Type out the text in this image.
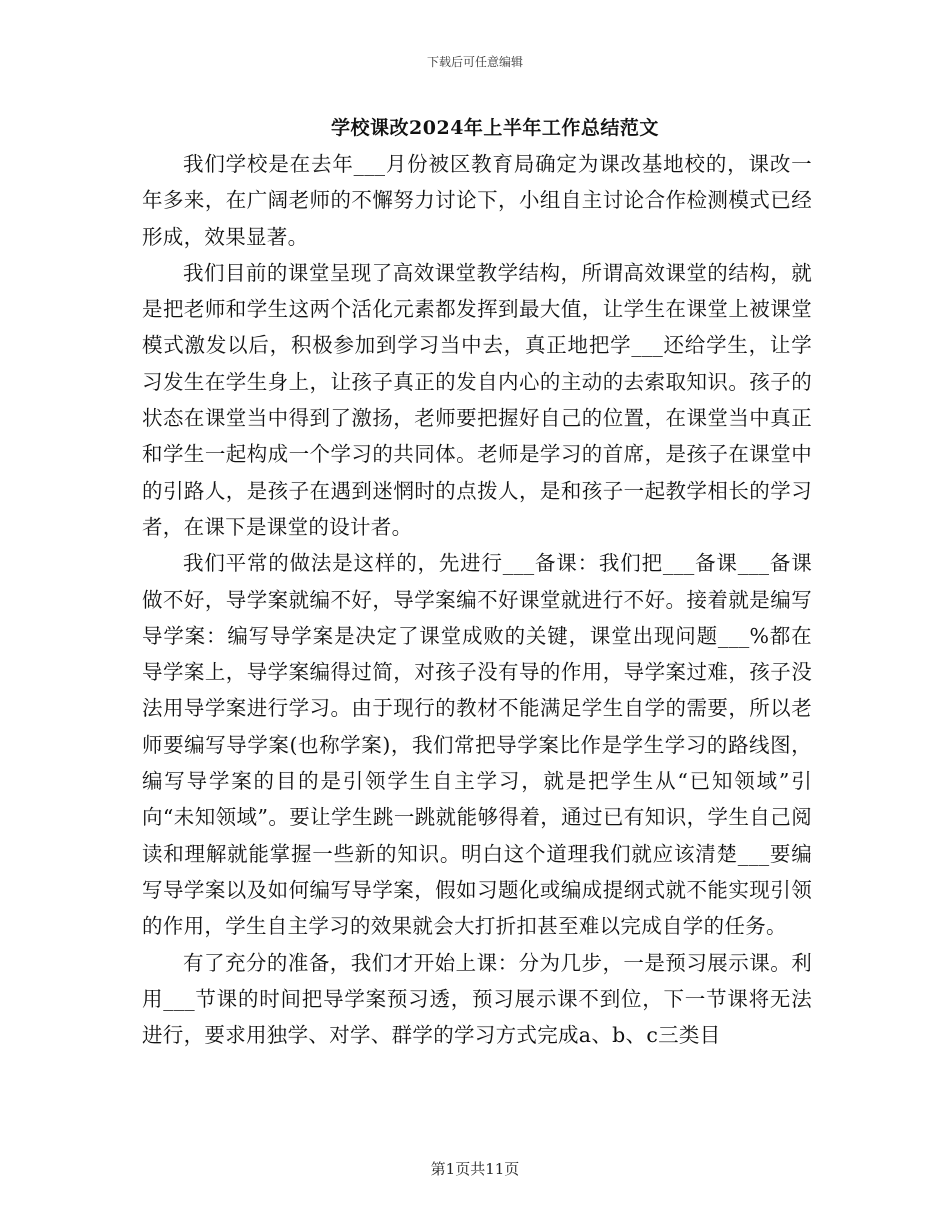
下载后可任意编辑
学校课改2024年上半年工作总结范文

我们学校是在去年___月份被区教育局确定为课改基地校的，课改一年多来，在广阔老师的不懈努力讨论下，小组自主讨论合作检测模式已经形成，效果显著。

我们目前的课堂呈现了高效课堂教学结构，所谓高效课堂的结构，就是把老师和学生这两个活化元素都发挥到最大值，让学生在课堂上被课堂模式激发以后，积极参加到学习当中去，真正地把学___还给学生，让学习发生在学生身上，让孩子真正的发自内心的主动的去索取知识。孩子的状态在课堂当中得到了激扬，老师要把握好自己的位置，在课堂当中真正和学生一起构成一个学习的共同体。老师是学习的首席，是孩子在课堂中的引路人，是孩子在遇到迷惘时的点拨人，是和孩子一起教学相长的学习者，在课下是课堂的设计者。

我们平常的做法是这样的，先进行___备课：我们把___备课___备课做不好，导学案就编不好，导学案编不好课堂就进行不好。接着就是编写导学案：编写导学案是决定了课堂成败的关键，课堂出现问题___%都在导学案上，导学案编得过简，对孩子没有导的作用，导学案过难，孩子没法用导学案进行学习。由于现行的教材不能满足学生自学的需要，所以老师要编写导学案(也称学案)，我们常把导学案比作是学生学习的路线图，编写导学案的目的是引领学生自主学习，就是把学生从“已知领域”引向“未知领域”。要让学生跳一跳就能够得着，通过已有知识，学生自己阅读和理解就能掌握一些新的知识。明白这个道理我们就应该清楚___要编写导学案以及如何编写导学案，假如习题化或编成提纲式就不能实现引领的作用，学生自主学习的效果就会大打折扣甚至难以完成自学的任务。

有了充分的准备，我们才开始上课：分为几步，一是预习展示课。利用___节课的时间把导学案预习透，预习展示课不到位，下一节课将无法进行，要求用独学、对学、群学的学习方式完成a、b、c三类目

第1页共11页
